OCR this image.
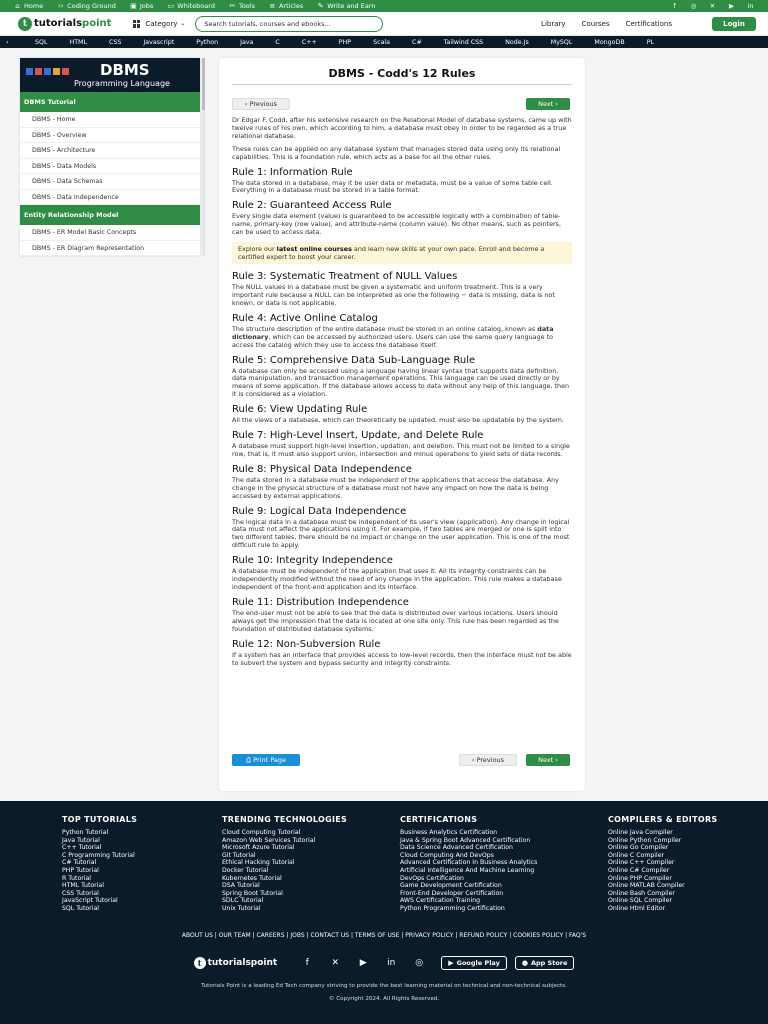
⌂ Home ‹› Coding Ground ▣ Jobs ▭ Whiteboard ✂ Tools ≡ Articles ✎ Write and Earn	f	◎ ✕ ▶ in
t tutorialspoint	Category ⌄	Search tutorials, courses and ebooks...	Library Courses Certifications	Login
‹	SQL	HTML	CSS	Javascript	Python	Java	C	C++	PHP	Scala	C#	Tailwind CSS	Node.Js	MySQL	MongoDB	PL
DBMS
Programming Language
DBMS Tutorial
DBMS - Home
DBMS - Overview
DBMS - Architecture
DBMS - Data Models
DBMS - Data Schemas
DBMS - Data Independence
Entity Relationship Model
DBMS - ER Model Basic Concepts
DBMS - ER Diagram Representation
DBMS - Codd's 12 Rules
‹ Previous	Next ›

Dr Edgar F. Codd, after his extensive research on the Relational Model of database systems, came up with twelve rules of his own, which according to him, a database must obey in order to be regarded as a true relational database.

These rules can be applied on any database system that manages stored data using only its relational capabilities. This is a foundation rule, which acts as a base for all the other rules.

Rule 1: Information Rule

The data stored in a database, may it be user data or metadata, must be a value of some table cell. Everything in a database must be stored in a table format.

Rule 2: Guaranteed Access Rule

Every single data element (value) is guaranteed to be accessible logically with a combination of table-name, primary-key (row value), and attribute-name (column value). No other means, such as pointers, can be used to access data.

Explore our latest online courses and learn new skills at your own pace. Enroll and become a certified expert to boost your career.
Rule 3: Systematic Treatment of NULL Values

The NULL values in a database must be given a systematic and uniform treatment. This is a very important rule because a NULL can be interpreted as one the following − data is missing, data is not known, or data is not applicable.

Rule 4: Active Online Catalog

The structure description of the entire database must be stored in an online catalog, known as data dictionary, which can be accessed by authorized users. Users can use the same query language to access the catalog which they use to access the database itself.

Rule 5: Comprehensive Data Sub-Language Rule

A database can only be accessed using a language having linear syntax that supports data definition, data manipulation, and transaction management operations. This language can be used directly or by means of some application. If the database allows access to data without any help of this language, then it is considered as a violation.

Rule 6: View Updating Rule

All the views of a database, which can theoretically be updated, must also be updatable by the system.

Rule 7: High-Level Insert, Update, and Delete Rule

A database must support high-level insertion, updation, and deletion. This must not be limited to a single row, that is, it must also support union, intersection and minus operations to yield sets of data records.

Rule 8: Physical Data Independence

The data stored in a database must be independent of the applications that access the database. Any change in the physical structure of a database must not have any impact on how the data is being accessed by external applications.

Rule 9: Logical Data Independence

The logical data in a database must be independent of its user's view (application). Any change in logical data must not affect the applications using it. For example, if two tables are merged or one is split into two different tables, there should be no impact or change on the user application. This is one of the most difficult rule to apply.

Rule 10: Integrity Independence

A database must be independent of the application that uses it. All its integrity constraints can be independently modified without the need of any change in the application. This rule makes a database independent of the front-end application and its interface.

Rule 11: Distribution Independence

The end-user must not be able to see that the data is distributed over various locations. Users should always get the impression that the data is located at one site only. This rule has been regarded as the foundation of distributed database systems.

Rule 12: Non-Subversion Rule

If a system has an interface that provides access to low-level records, then the interface must not be able to subvert the system and bypass security and integrity constraints.

⎙ Print Page	‹ Previous	Next ›
TOP TUTORIALS
Python Tutorial
Java Tutorial
C++ Tutorial
C Programming Tutorial
C# Tutorial
PHP Tutorial
R Tutorial
HTML Tutorial
CSS Tutorial
JavaScript Tutorial
SQL Tutorial
TRENDING TECHNOLOGIES
Cloud Computing Tutorial
Amazon Web Services Tutorial
Microsoft Azure Tutorial
Git Tutorial
Ethical Hacking Tutorial
Docker Tutorial
Kubernetes Tutorial
DSA Tutorial
Spring Boot Tutorial
SDLC Tutorial
Unix Tutorial
CERTIFICATIONS
Business Analytics Certification
Java & Spring Boot Advanced Certification
Data Science Advanced Certification
Cloud Computing And DevOps
Advanced Certification In Business Analytics
Artificial Intelligence And Machine Learning
DevOps Certification
Game Development Certification
Front-End Developer Certification
AWS Certification Training
Python Programming Certification
COMPILERS & EDITORS
Online Java Compiler
Online Python Compiler
Online Go Compiler
Online C Compiler
Online C++ Compiler
Online C# Compiler
Online PHP Compiler
Online MATLAB Compiler
Online Bash Compiler
Online SQL Compiler
Online Html Editor
ABOUT US | OUR TEAM | CAREERS | JOBS | CONTACT US | TERMS OF USE | PRIVACY POLICY | REFUND POLICY | COOKIES POLICY | FAQ'S
t tutorialspoint	f	✕ ▶ in ◎	▶ Google Play	● App Store
Tutorials Point is a leading Ed Tech company striving to provide the best learning material on technical and non-technical subjects.
© Copyright 2024. All Rights Reserved.
